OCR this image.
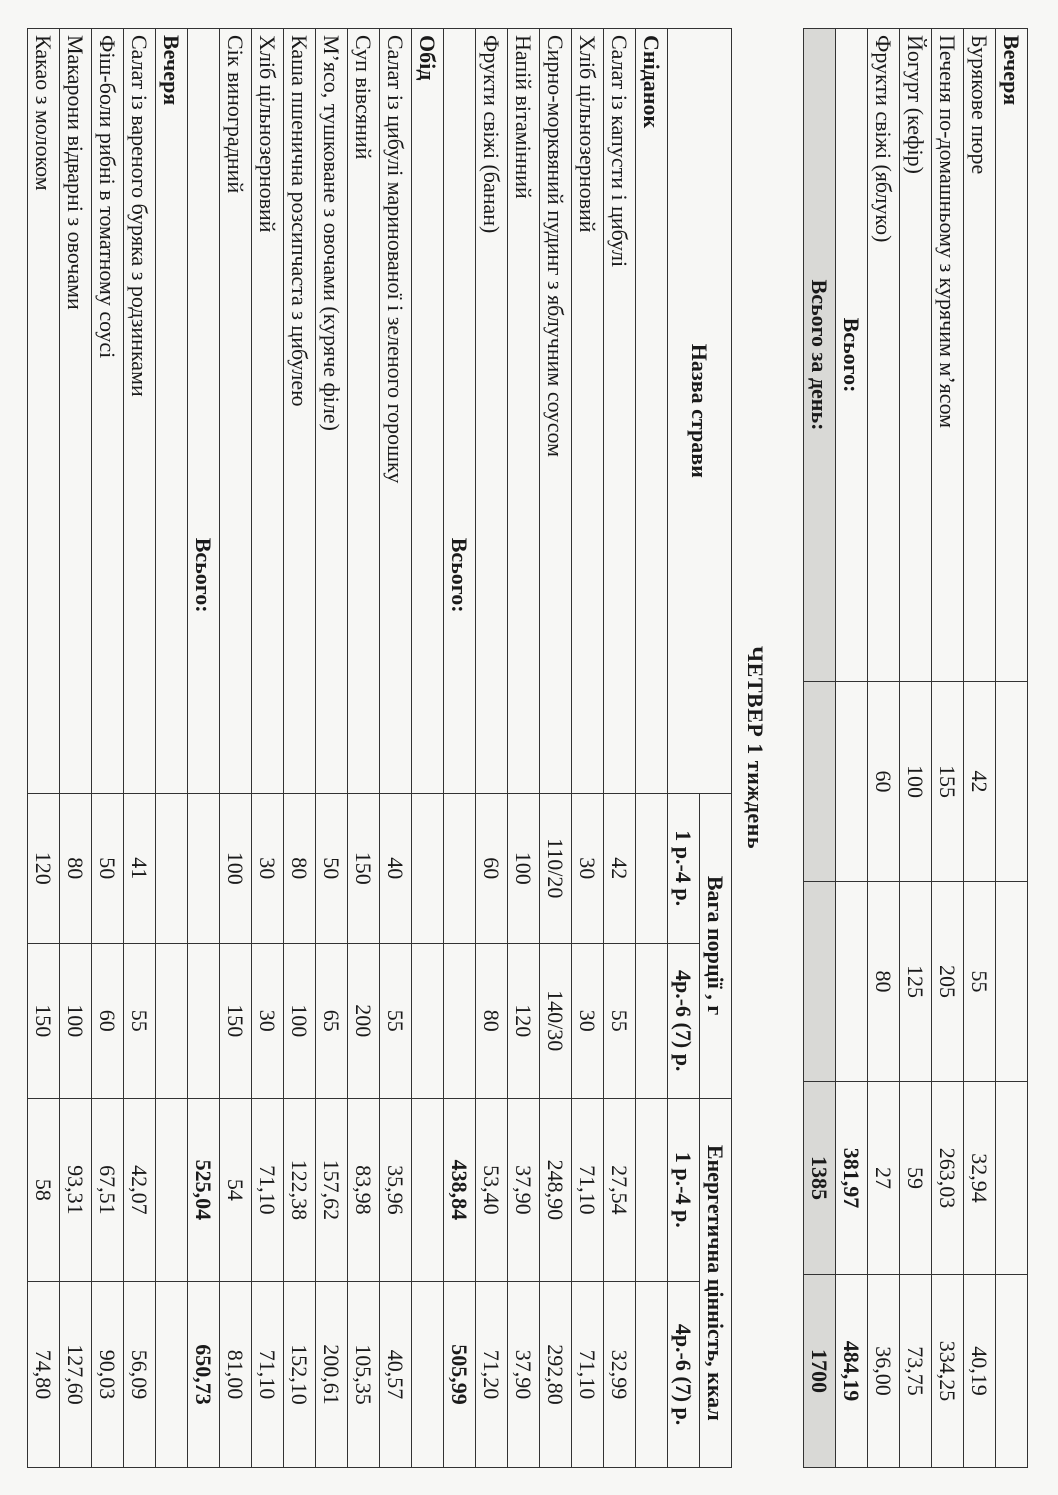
Вечеря				
Бурякове пюре	42	55	32,94	40,19
Печеня по-домашньому з курячим м’ясом	155	205	263,03	334,25
Йогурт (кефір)	100	125	59	73,75
Фрукти свіжі (яблуко)	60	80	27	36,00
Всього:			381,97	484,19
Всього за день:			1385	1700
ЧЕТВЕР 1 тиждень
Назва страви	Вага порції , г		Енергетична цінність, ккал	
	1 р.-4 р.	4р.-6 (7) р.	1 р.-4 р.	4р.-6 (7) р.
Сніданок				
Салат із капусти і цибулі	42	55	27,54	32,99
Хліб цільнозерновий	30	30	71,10	71,10
Сирно-морквяний пудинг з яблучним соусом	110/20	140/30	248,90	292,80
Напій вітамінний	100	120	37,90	37,90
Фрукти свіжі (банан)	60	80	53,40	71,20
Всього:			438,84	505,99
Обід				
Салат із цибулі маринованої і зеленого горошку	40	55	35,96	40,57
Суп вівсяний	150	200	83,98	105,35
М’ясо, тушковане з овочами (куряче філе)	50	65	157,62	200,61
Каша пшенична розсипчаста з цибулею	80	100	122,38	152,10
Хліб цільнозерновий	30	30	71,10	71,10
Сік виноградний	100	150	54	81,00
Всього:			525,04	650,73
Вечеря				
Салат із вареного буряка з родзинками	41	55	42,07	56,09
Фіш-боли рибні в томатному соусі	50	60	67,51	90,03
Макарони відварні з овочами	80	100	93,31	127,60
Какао з молоком	120	150	58	74,80
